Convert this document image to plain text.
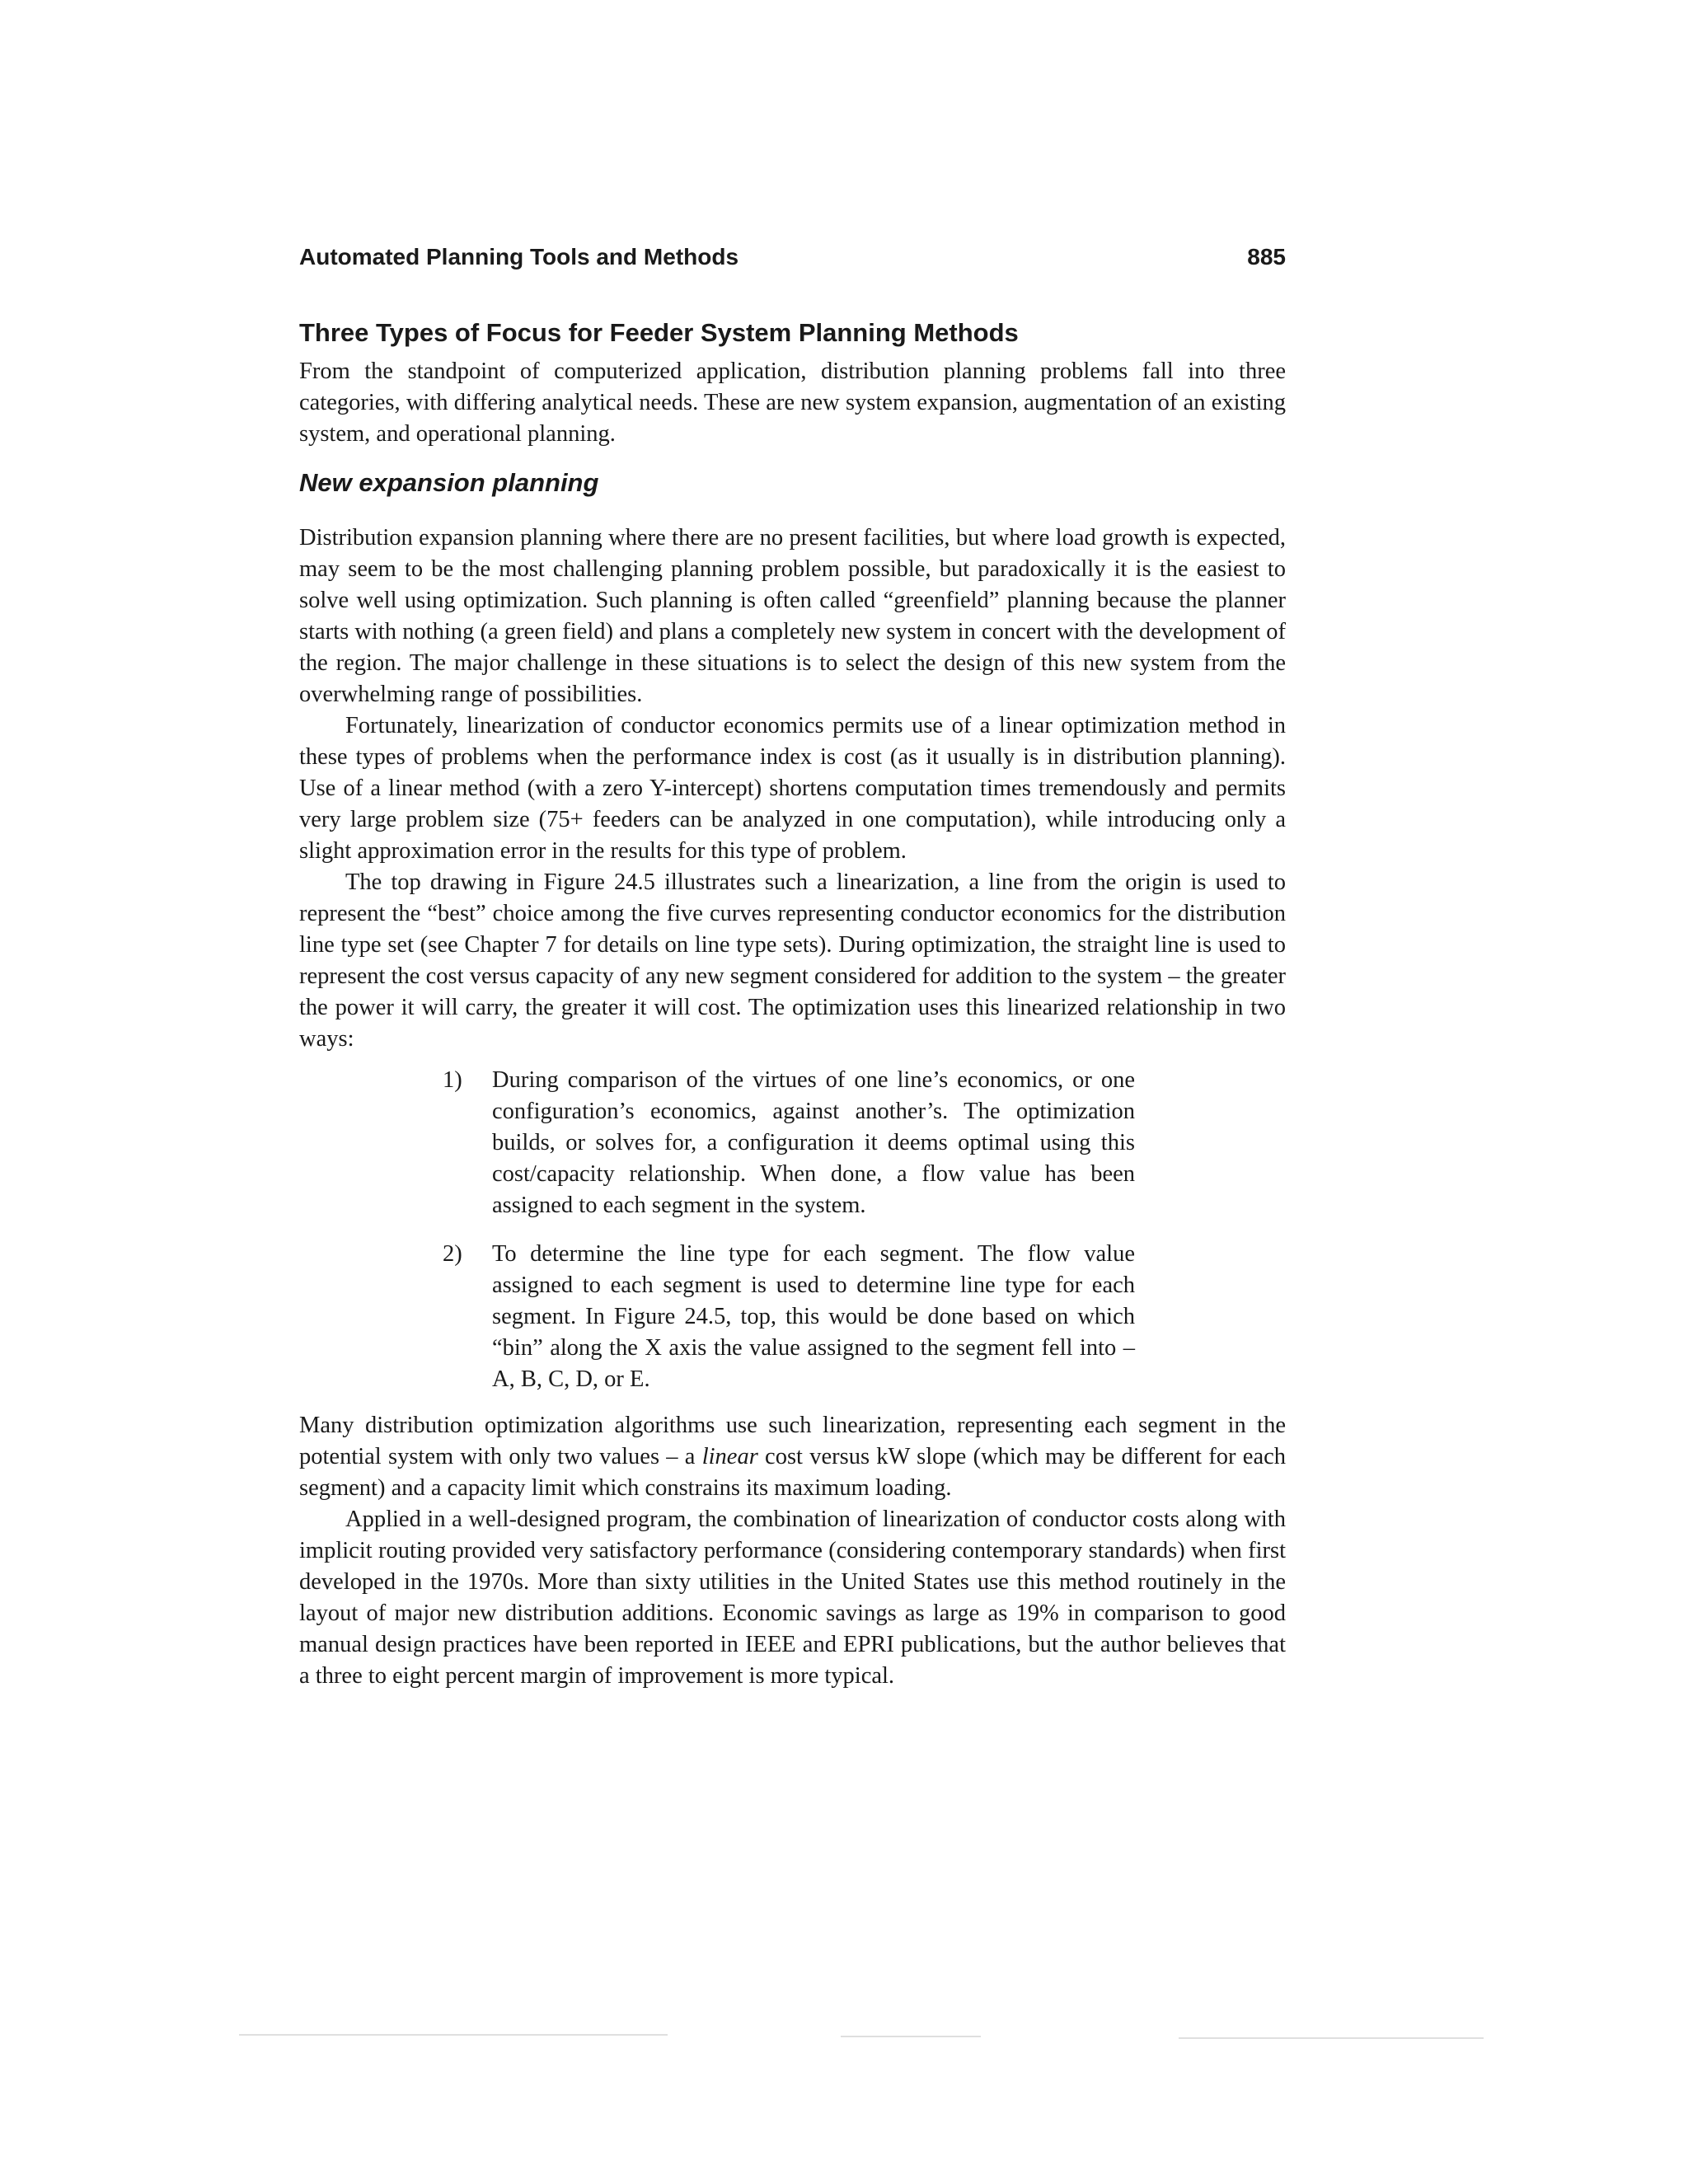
Automated Planning Tools and Methods	885
Three Types of Focus for Feeder System Planning Methods

From the standpoint of computerized application, distribution planning problems fall into three categories, with differing analytical needs. These are new system expansion, augmentation of an existing system, and operational planning.

New expansion planning

Distribution expansion planning where there are no present facilities, but where load growth is expected, may seem to be the most challenging planning problem possible, but paradoxically it is the easiest to solve well using optimization. Such planning is often called “greenfield” planning because the planner starts with nothing (a green field) and plans a completely new system in concert with the development of the region. The major challenge in these situations is to select the design of this new system from the overwhelming range of possibilities.

Fortunately, linearization of conductor economics permits use of a linear optimization method in these types of problems when the performance index is cost (as it usually is in distribution planning). Use of a linear method (with a zero Y-intercept) shortens computation times tremendously and permits very large problem size (75+ feeders can be analyzed in one computation), while introducing only a slight approximation error in the results for this type of problem.

The top drawing in Figure 24.5 illustrates such a linearization, a line from the origin is used to represent the “best” choice among the five curves representing conductor economics for the distribution line type set (see Chapter 7 for details on line type sets). During optimization, the straight line is used to represent the cost versus capacity of any new segment considered for addition to the system – the greater the power it will carry, the greater it will cost. The optimization uses this linearized relationship in two ways:

1) During comparison of the virtues of one line’s economics, or one configuration’s economics, against another’s. The optimization builds, or solves for, a configuration it deems optimal using this cost/capacity relationship. When done, a flow value has been assigned to each segment in the system.
2) To determine the line type for each segment. The flow value assigned to each segment is used to determine line type for each segment. In Figure 24.5, top, this would be done based on which “bin” along the X axis the value assigned to the segment fell into – A, B, C, D, or E.

Many distribution optimization algorithms use such linearization, representing each segment in the potential system with only two values – a linear cost versus kW slope (which may be different for each segment) and a capacity limit which constrains its maximum loading.

Applied in a well-designed program, the combination of linearization of conductor costs along with implicit routing provided very satisfactory performance (considering contemporary standards) when first developed in the 1970s. More than sixty utilities in the United States use this method routinely in the layout of major new distribution additions. Economic savings as large as 19% in comparison to good manual design practices have been reported in IEEE and EPRI publications, but the author believes that a three to eight percent margin of improvement is more typical.
